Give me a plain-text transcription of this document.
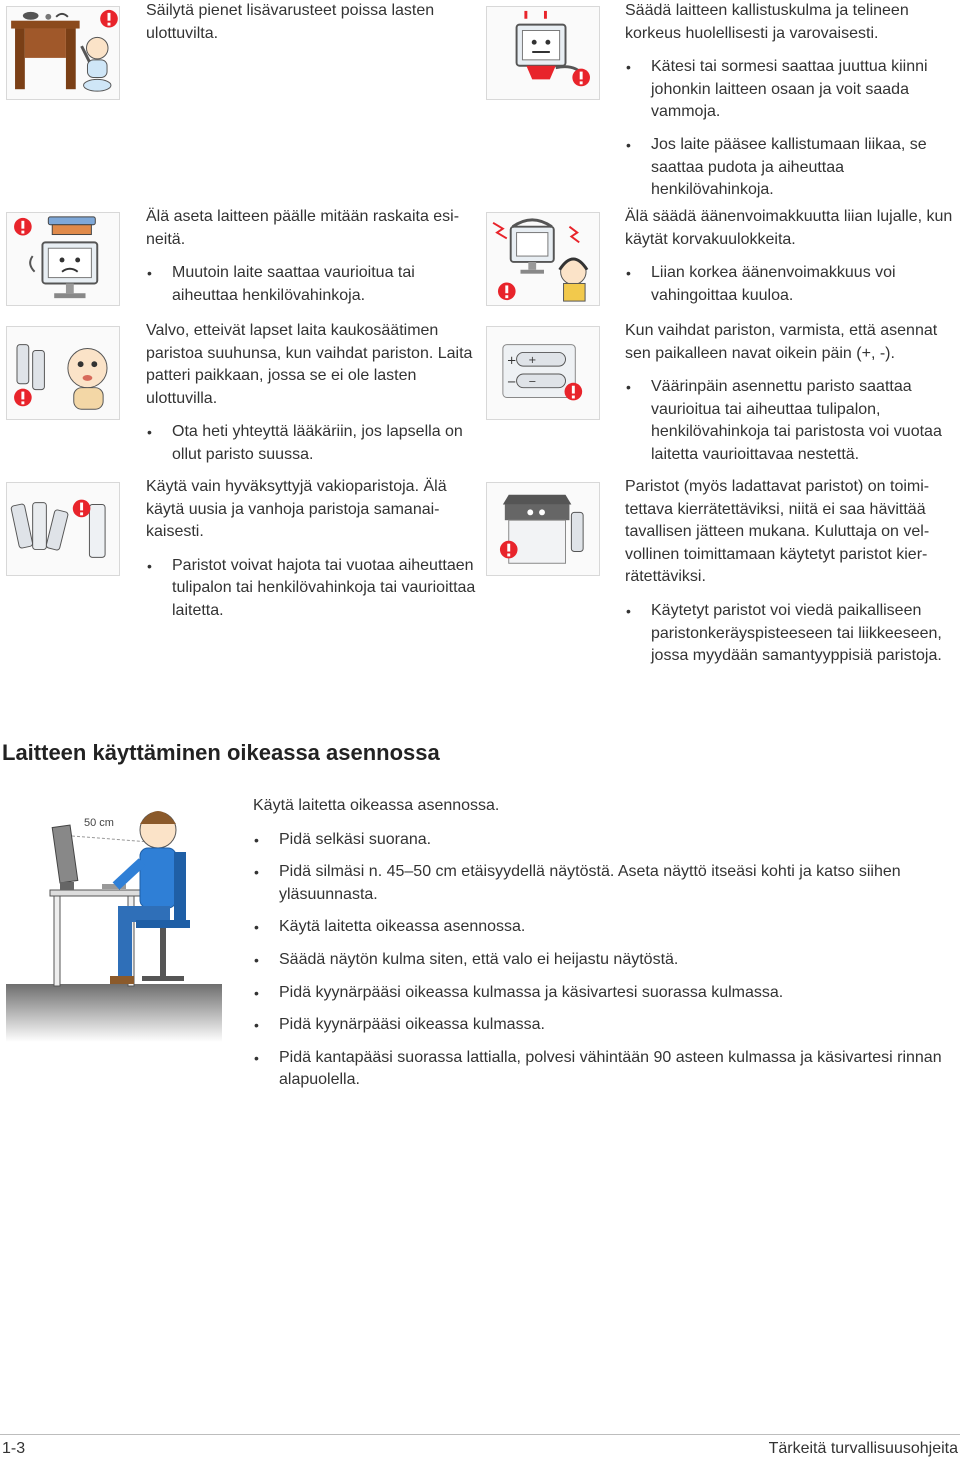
Säilytä pienet lisävarusteet poissa lasten ulottuvilta.

Älä aseta laitteen päälle mitään raskaita esineitä.

• Muutoin laite saattaa vaurioitua tai aiheuttaa henkilövahinkoja.

Valvo, etteivät lapset laita kaukosäätimen paristoa suuhunsa, kun vaihdat pariston. Laita patteri paikkaan, jossa se ei ole lasten ulottuvilla.

• Ota heti yhteyttä lääkäriin, jos lapsella on ollut paristo suussa.

Käytä vain hyväksyttyjä vakioparistoja. Älä käytä uusia ja vanhoja paristoja samanaikaisesti.

• Paristot voivat hajota tai vuotaa aiheuttaen tulipalon tai henkilövahinkoja tai vaurioittaa laitetta.

Säädä laitteen kallistuskulma ja telineen korkeus huolellisesti ja varovaisesti.

• Kätesi tai sormesi saattaa juuttua kiinni johonkin laitteen osaan ja voit saada vammoja.
• Jos laite pääsee kallistumaan liikaa, se saattaa pudota ja aiheuttaa henkilövahinkoja.

Älä säädä äänenvoimakkuutta liian lujalle, kun käytät korvakuulokkeita.

• Liian korkea äänenvoimakkuus voi vahingoittaa kuuloa.
+
−
+
−

Kun vaihdat pariston, varmista, että asennat sen paikalleen navat oikein päin (+, -).

• Väärinpäin asennettu paristo saattaa vaurioitua tai aiheuttaa tulipalon, henkilövahinkoja tai paristosta voi vuotaa laitetta vaurioittavaa nestettä.

Paristot (myös ladattavat paristot) on toimitettava kierrätettäviksi, niitä ei saa hävittää tavallisen jätteen mukana. Kuluttaja on velvollinen toimittamaan käytetyt paristot kierrätettäviksi.

• Käytetyt paristot voi viedä paikalliseen paristonkeräyspisteeseen tai liikkeeseen, jossa myydään samantyyppisiä paristoja.
Laitteen käyttäminen oikeassa asennossa
50 cm

Käytä laitetta oikeassa asennossa.

• Pidä selkäsi suorana.
• Pidä silmäsi n. 45–50 cm etäisyydellä näytöstä. Aseta näyttö itseäsi kohti ja katso siihen yläsuunnasta.
• Käytä laitetta oikeassa asennossa.
• Säädä näytön kulma siten, että valo ei heijastu näytöstä.
• Pidä kyynärpääsi oikeassa kulmassa ja käsivartesi suorassa kulmassa.
• Pidä kyynärpääsi oikeassa kulmassa.
• Pidä kantapääsi suorassa lattialla, polvesi vähintään 90 asteen kulmassa ja käsivartesi rinnan alapuolella.
1-3	Tärkeitä turvallisuusohjeita
